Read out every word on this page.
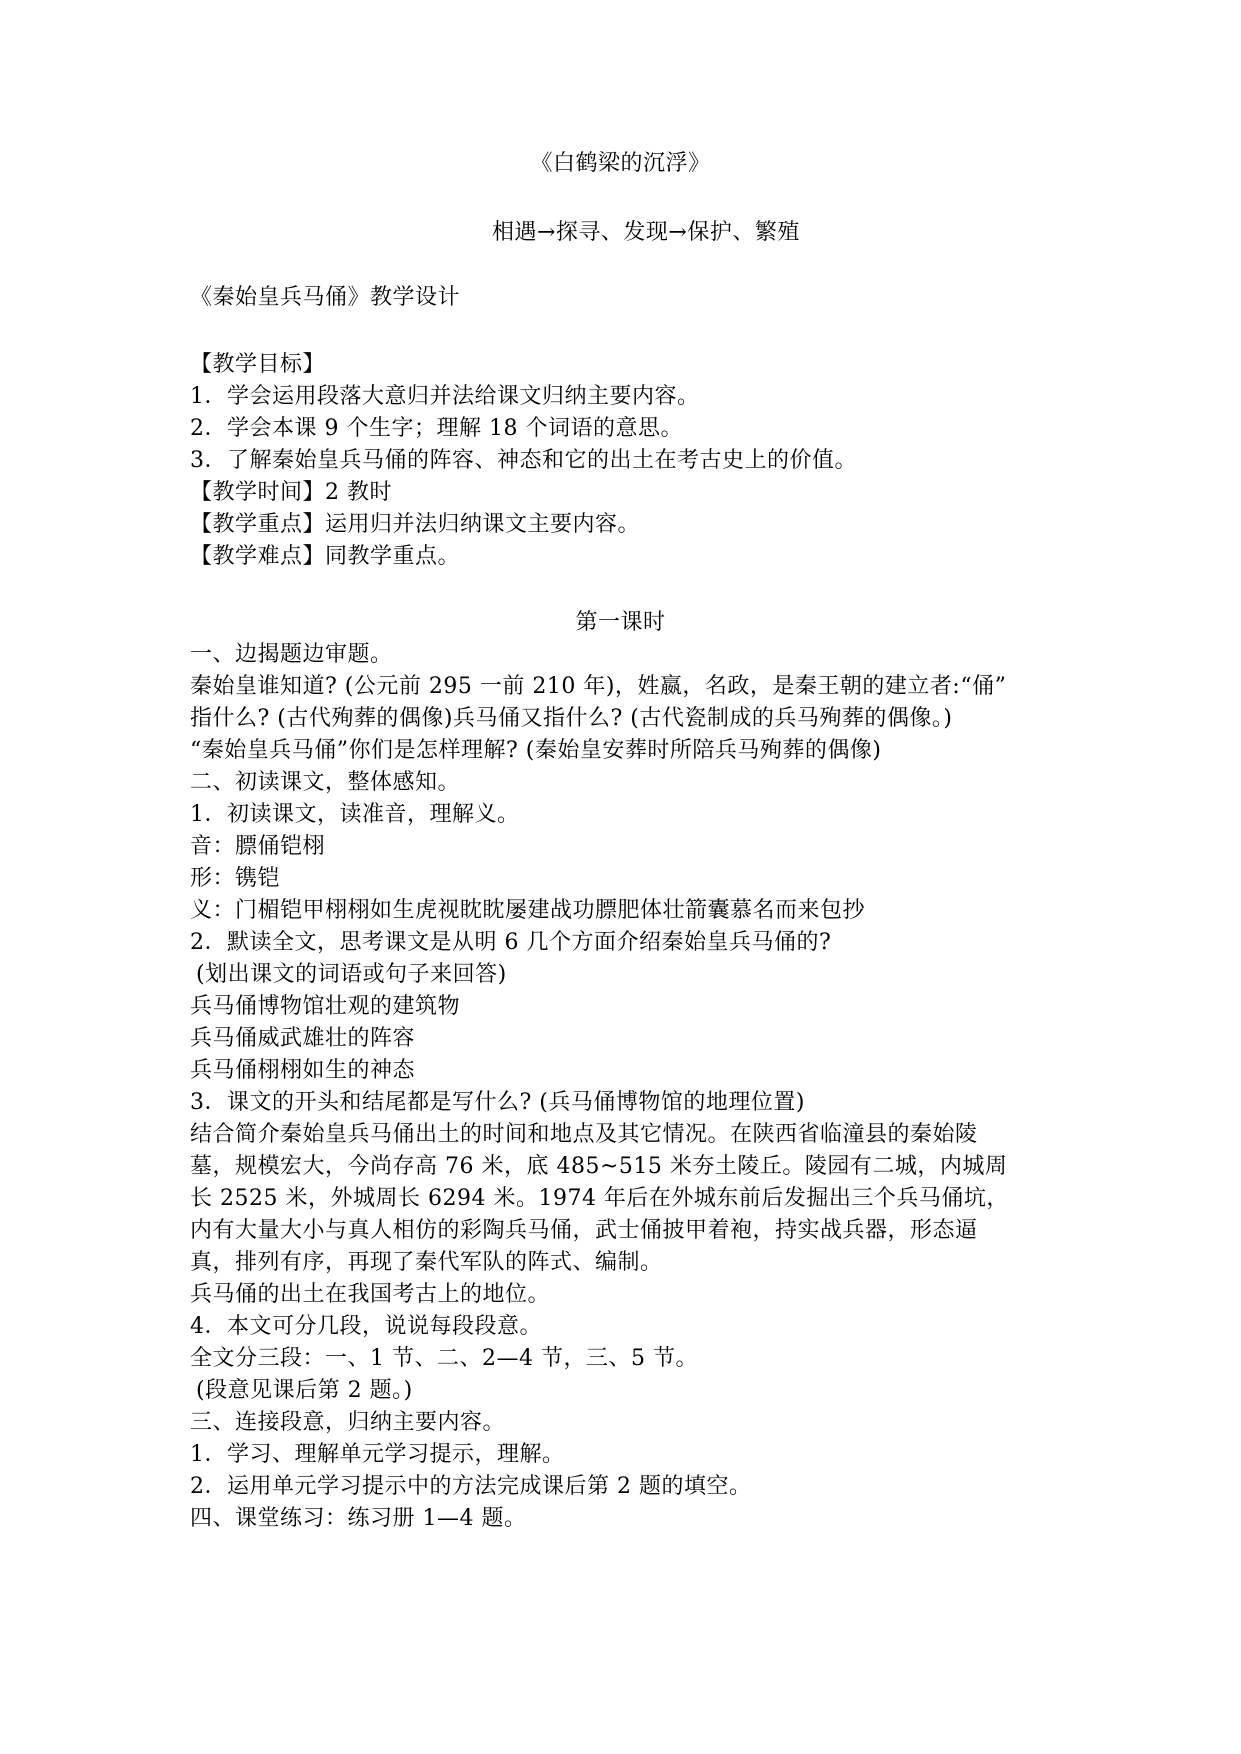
《白鹤梁的沉浮》
相遇→探寻、发现→保护、繁殖
《秦始皇兵马俑》教学设计
【教学目标】
1．学会运用段落大意归并法给课文归纳主要内容。
2．学会本课 9 个生字；理解 18 个词语的意思。
3．了解秦始皇兵马俑的阵容、神态和它的出土在考古史上的价值。
【教学时间】2 教时
【教学重点】运用归并法归纳课文主要内容。
【教学难点】同教学重点。
第一课时
一、边揭题边审题。
秦始皇谁知道? (公元前 295 一前 210 年)，姓嬴，名政，是秦王朝的建立者:“俑”
指什么? (古代殉葬的偶像)兵马俑又指什么? (古代瓷制成的兵马殉葬的偶像。)
“秦始皇兵马俑”你们是怎样理解? (秦始皇安葬时所陪兵马殉葬的偶像)
二、初读课文，整体感知。
1．初读课文，读准音，理解义。
音：膘俑铠栩
形：镌铠
义：门楣铠甲栩栩如生虎视眈眈屡建战功膘肥体壮箭囊慕名而来包抄
2．默读全文，思考课文是从明 6 几个方面介绍秦始皇兵马俑的?
(划出课文的词语或句子来回答)
兵马俑博物馆壮观的建筑物
兵马俑威武雄壮的阵容
兵马俑栩栩如生的神态
3．课文的开头和结尾都是写什么? (兵马俑博物馆的地理位置)
结合简介秦始皇兵马俑出土的时间和地点及其它情况。在陕西省临潼县的秦始陵
墓，规模宏大，今尚存高 76 米，底 485~515 米夯土陵丘。陵园有二城，内城周
长 2525 米，外城周长 6294 米。1974 年后在外城东前后发掘出三个兵马俑坑，
内有大量大小与真人相仿的彩陶兵马俑，武士俑披甲着袍，持实战兵器，形态逼
真，排列有序，再现了秦代军队的阵式、编制。
兵马俑的出土在我国考古上的地位。
4．本文可分几段，说说每段段意。
全文分三段：一、1 节、二、2—4 节，三、5 节。
(段意见课后第 2 题。)
三、连接段意，归纳主要内容。
1．学习、理解单元学习提示，理解。
2．运用单元学习提示中的方法完成课后第 2 题的填空。
四、课堂练习：练习册 1—4 题。
